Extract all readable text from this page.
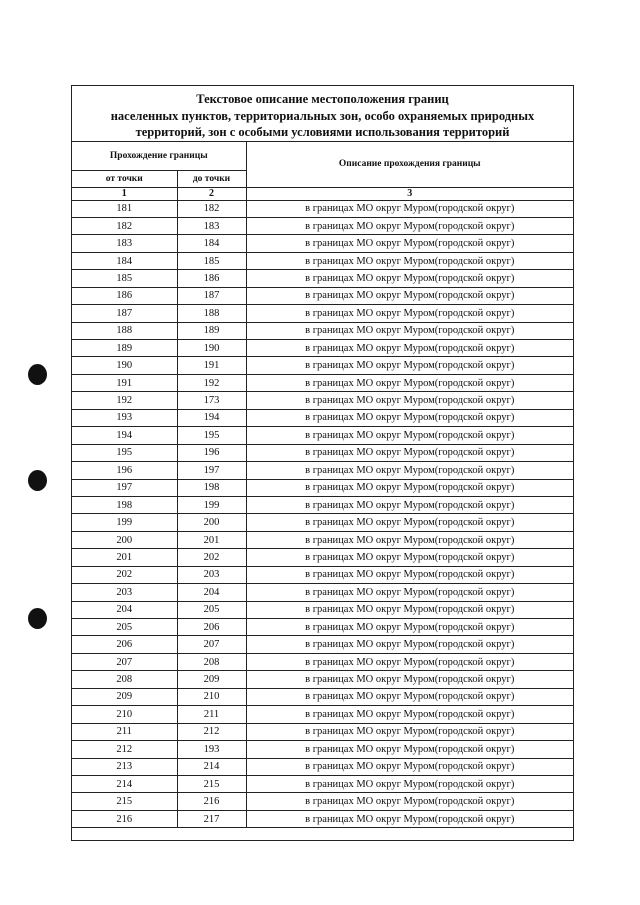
Текстовое описание местоположения границ
населенных пунктов, территориальных зон, особо охраняемых природных
территорий, зон с особыми условиями использования территорий
Прохождение границы		Описание прохождения границы
от точки	до точки	
1	2	3
181	182	в границах МО округ Муром(городской округ)
182	183	в границах МО округ Муром(городской округ)
183	184	в границах МО округ Муром(городской округ)
184	185	в границах МО округ Муром(городской округ)
185	186	в границах МО округ Муром(городской округ)
186	187	в границах МО округ Муром(городской округ)
187	188	в границах МО округ Муром(городской округ)
188	189	в границах МО округ Муром(городской округ)
189	190	в границах МО округ Муром(городской округ)
190	191	в границах МО округ Муром(городской округ)
191	192	в границах МО округ Муром(городской округ)
192	173	в границах МО округ Муром(городской округ)
193	194	в границах МО округ Муром(городской округ)
194	195	в границах МО округ Муром(городской округ)
195	196	в границах МО округ Муром(городской округ)
196	197	в границах МО округ Муром(городской округ)
197	198	в границах МО округ Муром(городской округ)
198	199	в границах МО округ Муром(городской округ)
199	200	в границах МО округ Муром(городской округ)
200	201	в границах МО округ Муром(городской округ)
201	202	в границах МО округ Муром(городской округ)
202	203	в границах МО округ Муром(городской округ)
203	204	в границах МО округ Муром(городской округ)
204	205	в границах МО округ Муром(городской округ)
205	206	в границах МО округ Муром(городской округ)
206	207	в границах МО округ Муром(городской округ)
207	208	в границах МО округ Муром(городской округ)
208	209	в границах МО округ Муром(городской округ)
209	210	в границах МО округ Муром(городской округ)
210	211	в границах МО округ Муром(городской округ)
211	212	в границах МО округ Муром(городской округ)
212	193	в границах МО округ Муром(городской округ)
213	214	в границах МО округ Муром(городской округ)
214	215	в границах МО округ Муром(городской округ)
215	216	в границах МО округ Муром(городской округ)
216	217	в границах МО округ Муром(городской округ)
